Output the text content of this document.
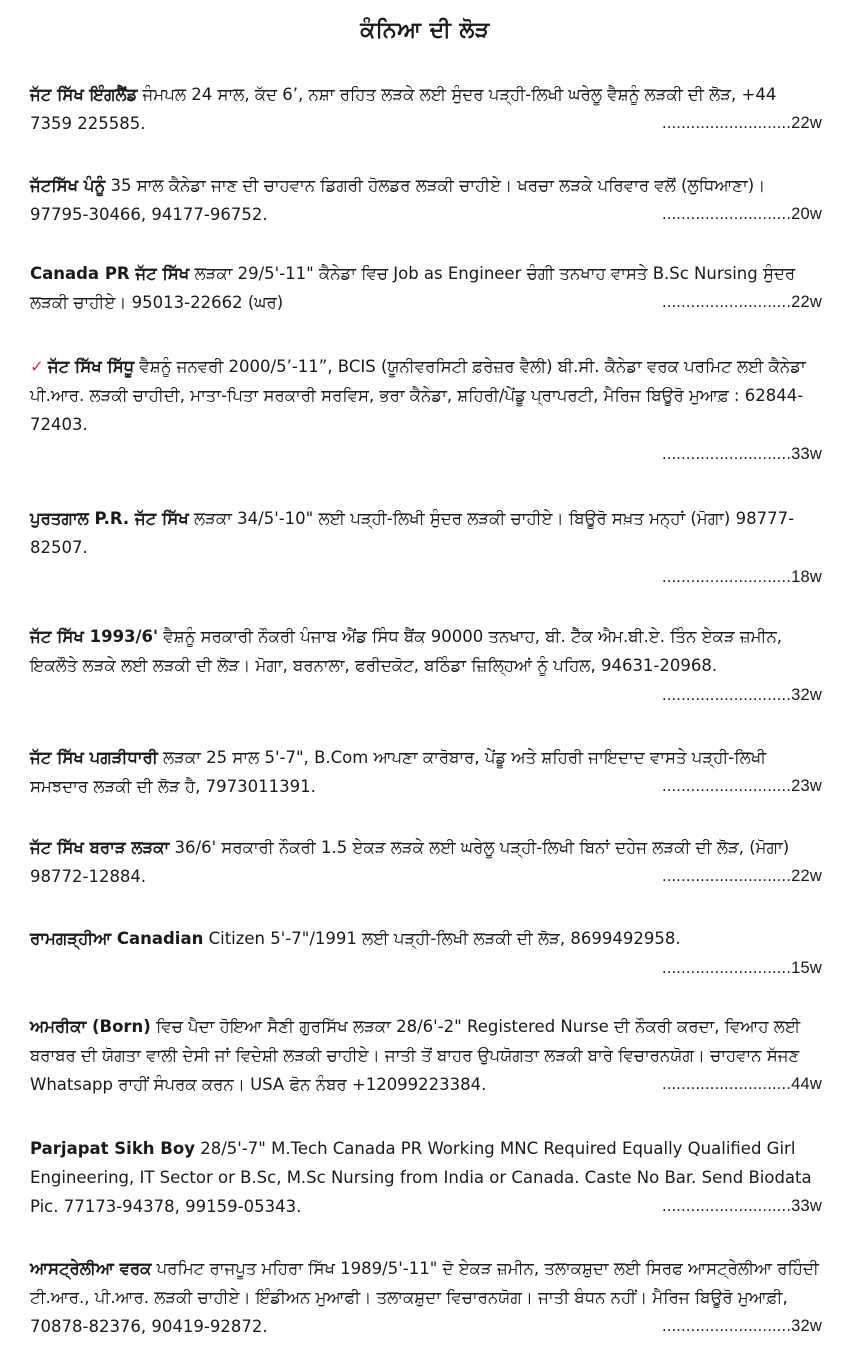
ਕੰਨਿਆ ਦੀ ਲੋੜ
ਜੱਟ ਸਿੱਖ ਇੰਗਲੈਂਡ ਜੰਮਪਲ 24 ਸਾਲ, ਕੱਦ 6’, ਨਸ਼ਾ ਰਹਿਤ ਲੜਕੇ ਲਈ ਸੁੰਦਰ ਪੜ੍ਹੀ-ਲਿਖੀ ਘਰੇਲੂ ਵੈਸ਼ਨੂੰ ਲੜਕੀ ਦੀ ਲੋੜ, +44 7359 225585.	...........................22w
ਜੱਟਸਿੱਖ ਪੰਨੂੰ 35 ਸਾਲ ਕੈਨੇਡਾ ਜਾਣ ਦੀ ਚਾਹਵਾਨ ਡਿਗਰੀ ਹੋਲਡਰ ਲੜਕੀ ਚਾਹੀਏ। ਖਰਚਾ ਲੜਕੇ ਪਰਿਵਾਰ ਵਲੋਂ (ਲੁਧਿਆਣਾ)। 97795-30466, 94177-96752.	...........................20w
Canada PR ਜੱਟ ਸਿੱਖ ਲੜਕਾ 29/5'-11" ਕੈਨੇਡਾ ਵਿਚ Job as Engineer ਚੰਗੀ ਤਨਖਾਹ ਵਾਸਤੇ B.Sc Nursing ਸੁੰਦਰ ਲੜਕੀ ਚਾਹੀਏ। 95013-22662 (ਘਰ)	...........................22w
✓ ਜੱਟ ਸਿੱਖ ਸਿੱਧੂ ਵੈਸ਼ਨੂੰ ਜਨਵਰੀ 2000/5’-11”, BCIS (ਯੂਨੀਵਰਸਿਟੀ ਫ਼ਰੇਜ਼ਰ ਵੈਲੀ) ਬੀ.ਸੀ. ਕੈਨੇਡਾ ਵਰਕ ਪਰਮਿਟ ਲਈ ਕੈਨੇਡਾ ਪੀ.ਆਰ. ਲੜਕੀ ਚਾਹੀਦੀ, ਮਾਤਾ-ਪਿਤਾ ਸਰਕਾਰੀ ਸਰਵਿਸ, ਭਰਾ ਕੈਨੇਡਾ, ਸ਼ਹਿਰੀ/ਪੇਂਡੂ ਪ੍ਰਾਪਰਟੀ, ਮੈਰਿਜ ਬਿਊਰੋ ਮੁਆਫ਼ : 62844-72403.
...........................33w
ਪੁਰਤਗਾਲ P.R. ਜੱਟ ਸਿੱਖ ਲੜਕਾ 34/5'-10" ਲਈ ਪੜ੍ਹੀ-ਲਿਖੀ ਸੁੰਦਰ ਲੜਕੀ ਚਾਹੀਏ। ਬਿਊਰੋ ਸਖ਼ਤ ਮਨ੍ਹਾਂ (ਮੋਗਾ) 98777-82507.
...........................18w
ਜੱਟ ਸਿੱਖ 1993/6' ਵੈਸ਼ਨੂੰ ਸਰਕਾਰੀ ਨੌਕਰੀ ਪੰਜਾਬ ਐਂਡ ਸਿੰਧ ਬੈਂਕ 90000 ਤਨਖਾਹ, ਬੀ. ਟੈੱਕ ਐਮ.ਬੀ.ਏ. ਤਿੰਨ ਏਕੜ ਜ਼ਮੀਨ, ਇਕਲੌਤੇ ਲੜਕੇ ਲਈ ਲੜਕੀ ਦੀ ਲੋੜ। ਮੋਗਾ, ਬਰਨਾਲਾ, ਫਰੀਦਕੋਟ, ਬਠਿੰਡਾ ਜ਼ਿਲ੍ਹਿਆਂ ਨੂੰ ਪਹਿਲ, 94631-20968.
...........................32w
ਜੱਟ ਸਿੱਖ ਪਗੜੀਧਾਰੀ ਲੜਕਾ 25 ਸਾਲ 5'-7", B.Com ਆਪਣਾ ਕਾਰੋਬਾਰ, ਪੇਂਡੂ ਅਤੇ ਸ਼ਹਿਰੀ ਜਾਇਦਾਦ ਵਾਸਤੇ ਪੜ੍ਹੀ-ਲਿਖੀ ਸਮਝਦਾਰ ਲੜਕੀ ਦੀ ਲੋੜ ਹੈ, 7973011391.	...........................23w
ਜੱਟ ਸਿੱਖ ਬਰਾੜ ਲੜਕਾ 36/6' ਸਰਕਾਰੀ ਨੌਕਰੀ 1.5 ਏਕੜ ਲੜਕੇ ਲਈ ਘਰੇਲੂ ਪੜ੍ਹੀ-ਲਿਖੀ ਬਿਨਾਂ ਦਹੇਜ ਲੜਕੀ ਦੀ ਲੋੜ, (ਮੋਗਾ) 98772-12884.	...........................22w
ਰਾਮਗੜ੍ਹੀਆ Canadian Citizen 5'-7"/1991 ਲਈ ਪੜ੍ਹੀ-ਲਿਖੀ ਲੜਕੀ ਦੀ ਲੋੜ, 8699492958.
...........................15w
ਅਮਰੀਕਾ (Born) ਵਿਚ ਪੈਦਾ ਹੋਇਆ ਸੈਣੀ ਗੁਰਸਿੱਖ ਲੜਕਾ 28/6'-2" Registered Nurse ਦੀ ਨੌਕਰੀ ਕਰਦਾ, ਵਿਆਹ ਲਈ ਬਰਾਬਰ ਦੀ ਯੋਗਤਾ ਵਾਲੀ ਦੇਸੀ ਜਾਂ ਵਿਦੇਸ਼ੀ ਲੜਕੀ ਚਾਹੀਏ। ਜਾਤੀ ਤੋਂ ਬਾਹਰ ਉਪਯੋਗਤਾ ਲੜਕੀ ਬਾਰੇ ਵਿਚਾਰਨਯੋਗ। ਚਾਹਵਾਨ ਸੱਜਣ Whatsapp ਰਾਹੀਂ ਸੰਪਰਕ ਕਰਨ। USA ਫੋਨ ਨੰਬਰ +12099223384.	...........................44w
Parjapat Sikh Boy 28/5'-7" M.Tech Canada PR Working MNC Required Equally Qualified Girl Engineering, IT Sector or B.Sc, M.Sc Nursing from India or Canada. Caste No Bar. Send Biodata Pic. 77173-94378, 99159-05343.	...........................33w
ਆਸਟ੍ਰੇਲੀਆ ਵਰਕ ਪਰਮਿਟ ਰਾਜਪੂਤ ਮਹਿਰਾ ਸਿੱਖ 1989/5'-11" ਦੋ ਏਕੜ ਜ਼ਮੀਨ, ਤਲਾਕਸ਼ੁਦਾ ਲਈ ਸਿਰਫ ਆਸਟ੍ਰੇਲੀਆ ਰਹਿੰਦੀ ਟੀ.ਆਰ., ਪੀ.ਆਰ. ਲੜਕੀ ਚਾਹੀਏ। ਇੰਡੀਅਨ ਮੁਆਫੀ। ਤਲਾਕਸ਼ੁਦਾ ਵਿਚਾਰਨਯੋਗ। ਜਾਤੀ ਬੰਧਨ ਨਹੀਂ। ਮੈਰਿਜ ਬਿਊਰੋ ਮੁਆਫ਼ੀ, 70878-82376, 90419-92872.	...........................32w
